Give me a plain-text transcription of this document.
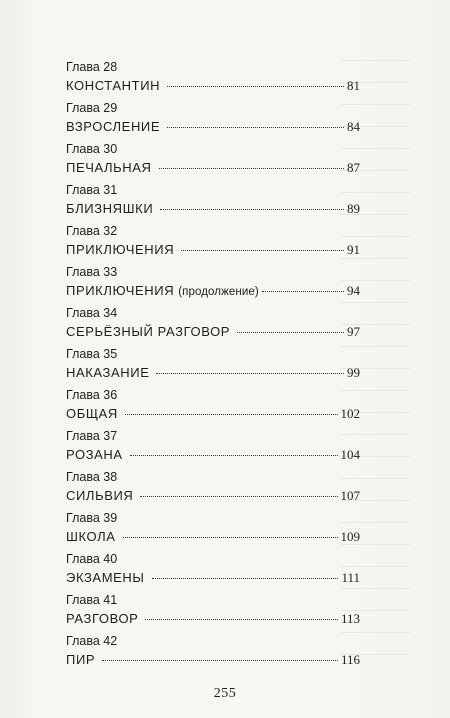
Глава 28
КОНСТАНТИН	81
Глава 29
ВЗРОСЛЕНИЕ	84
Глава 30
ПЕЧАЛЬНАЯ	87
Глава 31
БЛИЗНЯШКИ	89
Глава 32
ПРИКЛЮЧЕНИЯ	91
Глава 33
ПРИКЛЮЧЕНИЯ (продолжение)	94
Глава 34
СЕРЬЁЗНЫЙ РАЗГОВОР	97
Глава 35
НАКАЗАНИЕ	99
Глава 36
ОБЩАЯ	102
Глава 37
РОЗАНА	104
Глава 38
СИЛЬВИЯ	107
Глава 39
ШКОЛА	109
Глава 40
ЭКЗАМЕНЫ	111
Глава 41
РАЗГОВОР	113
Глава 42
ПИР	116
255
